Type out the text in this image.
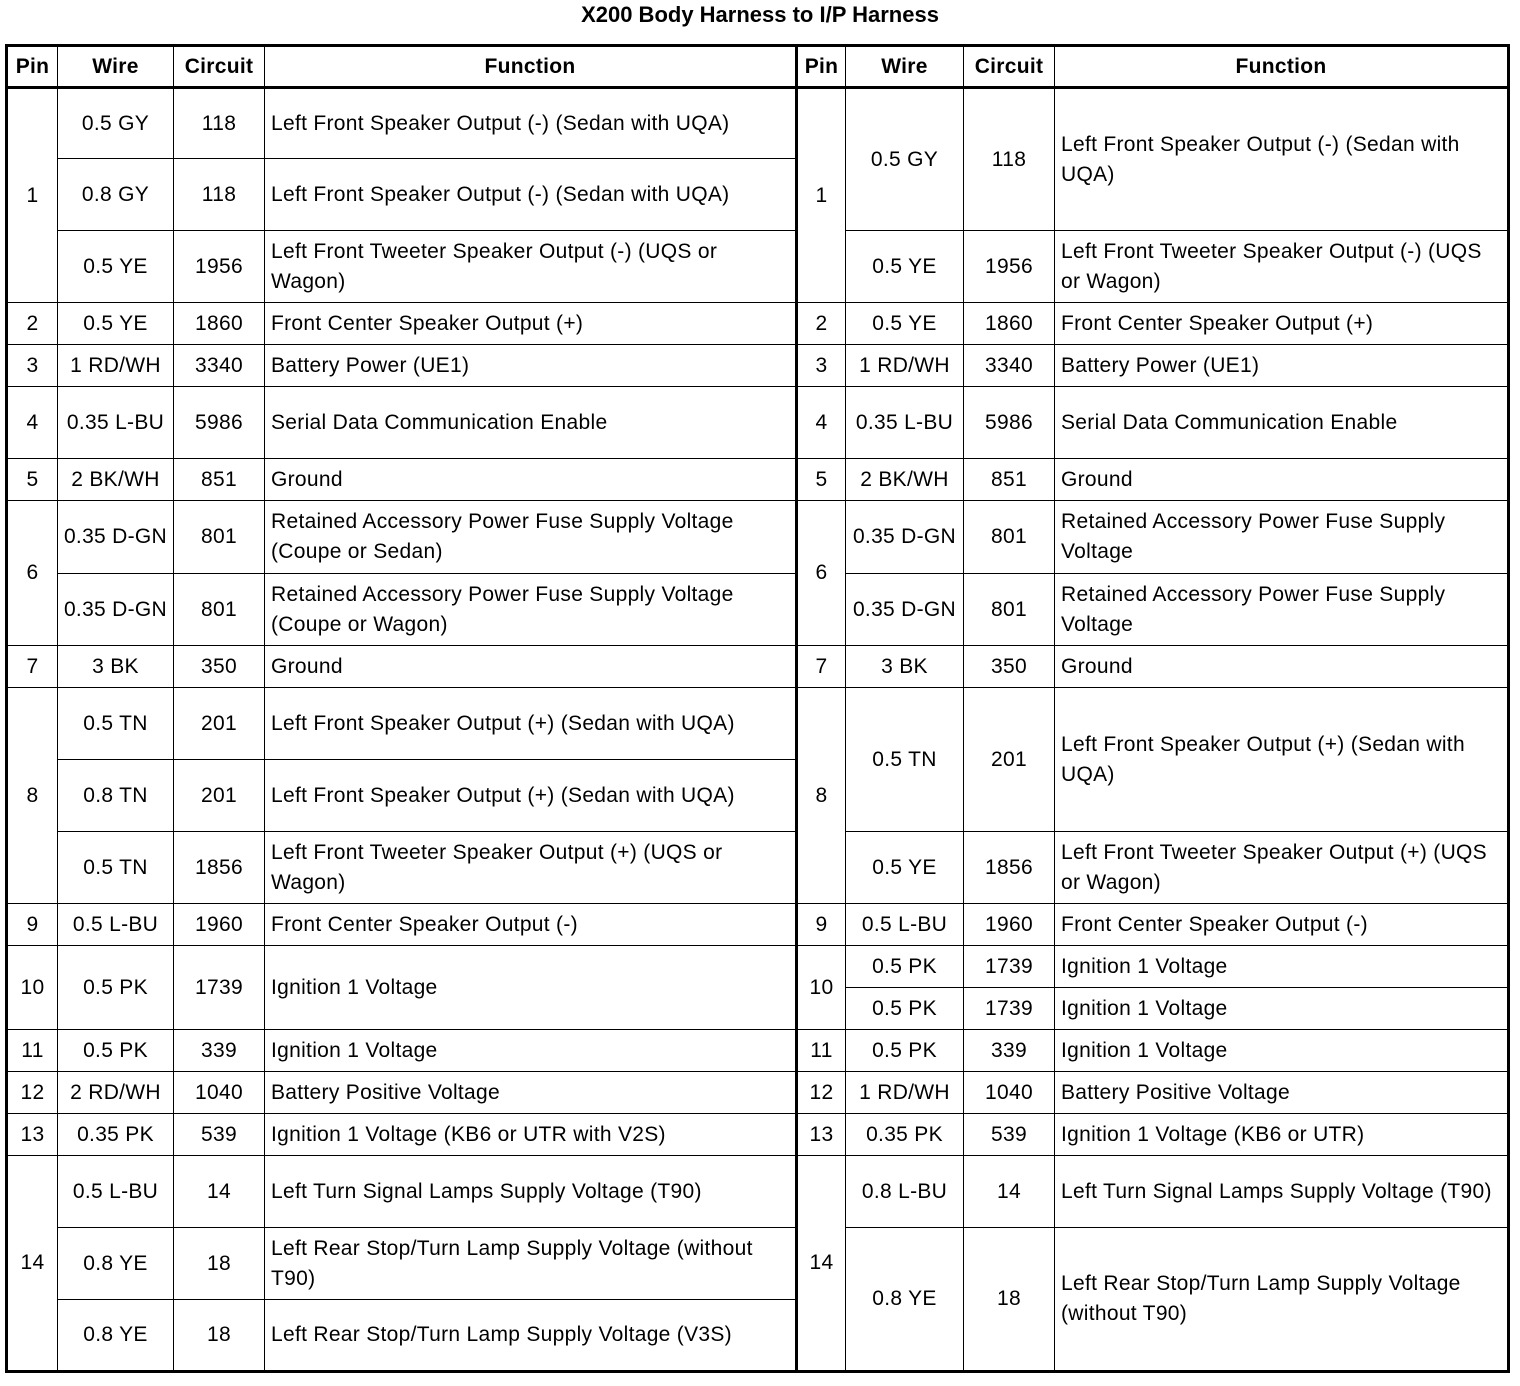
X200 Body Harness to I/P Harness
Pin	Wire	Circuit	Function	Pin	Wire	Circuit	Function
1	0.5 GY	118	Left Front Speaker Output (-) (Sedan with UQA)	1	0.5 GY	118	Left Front Speaker Output (-) (Sedan with UQA)
	0.8 GY	118	Left Front Speaker Output (-) (Sedan with UQA)				
	0.5 YE	1956	Left Front Tweeter Speaker Output (-) (UQS or Wagon)		0.5 YE	1956	Left Front Tweeter Speaker Output (-) (UQS or Wagon)
2	0.5 YE	1860	Front Center Speaker Output (+)	2	0.5 YE	1860	Front Center Speaker Output (+)
3	1 RD/WH	3340	Battery Power (UE1)	3	1 RD/WH	3340	Battery Power (UE1)
4	0.35 L-BU	5986	Serial Data Communication Enable	4	0.35 L-BU	5986	Serial Data Communication Enable
5	2 BK/WH	851	Ground	5	2 BK/WH	851	Ground
6	0.35 D-GN	801	Retained Accessory Power Fuse Supply Voltage (Coupe or Sedan)	6	0.35 D-GN	801	Retained Accessory Power Fuse Supply Voltage
	0.35 D-GN	801	Retained Accessory Power Fuse Supply Voltage (Coupe or Wagon)		0.35 D-GN	801	Retained Accessory Power Fuse Supply Voltage
7	3 BK	350	Ground	7	3 BK	350	Ground
8	0.5 TN	201	Left Front Speaker Output (+) (Sedan with UQA)	8	0.5 TN	201	Left Front Speaker Output (+) (Sedan with UQA)
	0.8 TN	201	Left Front Speaker Output (+) (Sedan with UQA)				
	0.5 TN	1856	Left Front Tweeter Speaker Output (+) (UQS or Wagon)		0.5 YE	1856	Left Front Tweeter Speaker Output (+) (UQS or Wagon)
9	0.5 L-BU	1960	Front Center Speaker Output (-)	9	0.5 L-BU	1960	Front Center Speaker Output (-)
10	0.5 PK	1739	Ignition 1 Voltage	10	0.5 PK	1739	Ignition 1 Voltage
					0.5 PK	1739	Ignition 1 Voltage
11	0.5 PK	339	Ignition 1 Voltage	11	0.5 PK	339	Ignition 1 Voltage
12	2 RD/WH	1040	Battery Positive Voltage	12	1 RD/WH	1040	Battery Positive Voltage
13	0.35 PK	539	Ignition 1 Voltage (KB6 or UTR with V2S)	13	0.35 PK	539	Ignition 1 Voltage (KB6 or UTR)
14	0.5 L-BU	14	Left Turn Signal Lamps Supply Voltage (T90)	14	0.8 L-BU	14	Left Turn Signal Lamps Supply Voltage (T90)
	0.8 YE	18	Left Rear Stop/Turn Lamp Supply Voltage (without T90)		0.8 YE	18	Left Rear Stop/Turn Lamp Supply Voltage (without T90)
	0.8 YE	18	Left Rear Stop/Turn Lamp Supply Voltage (V3S)				
